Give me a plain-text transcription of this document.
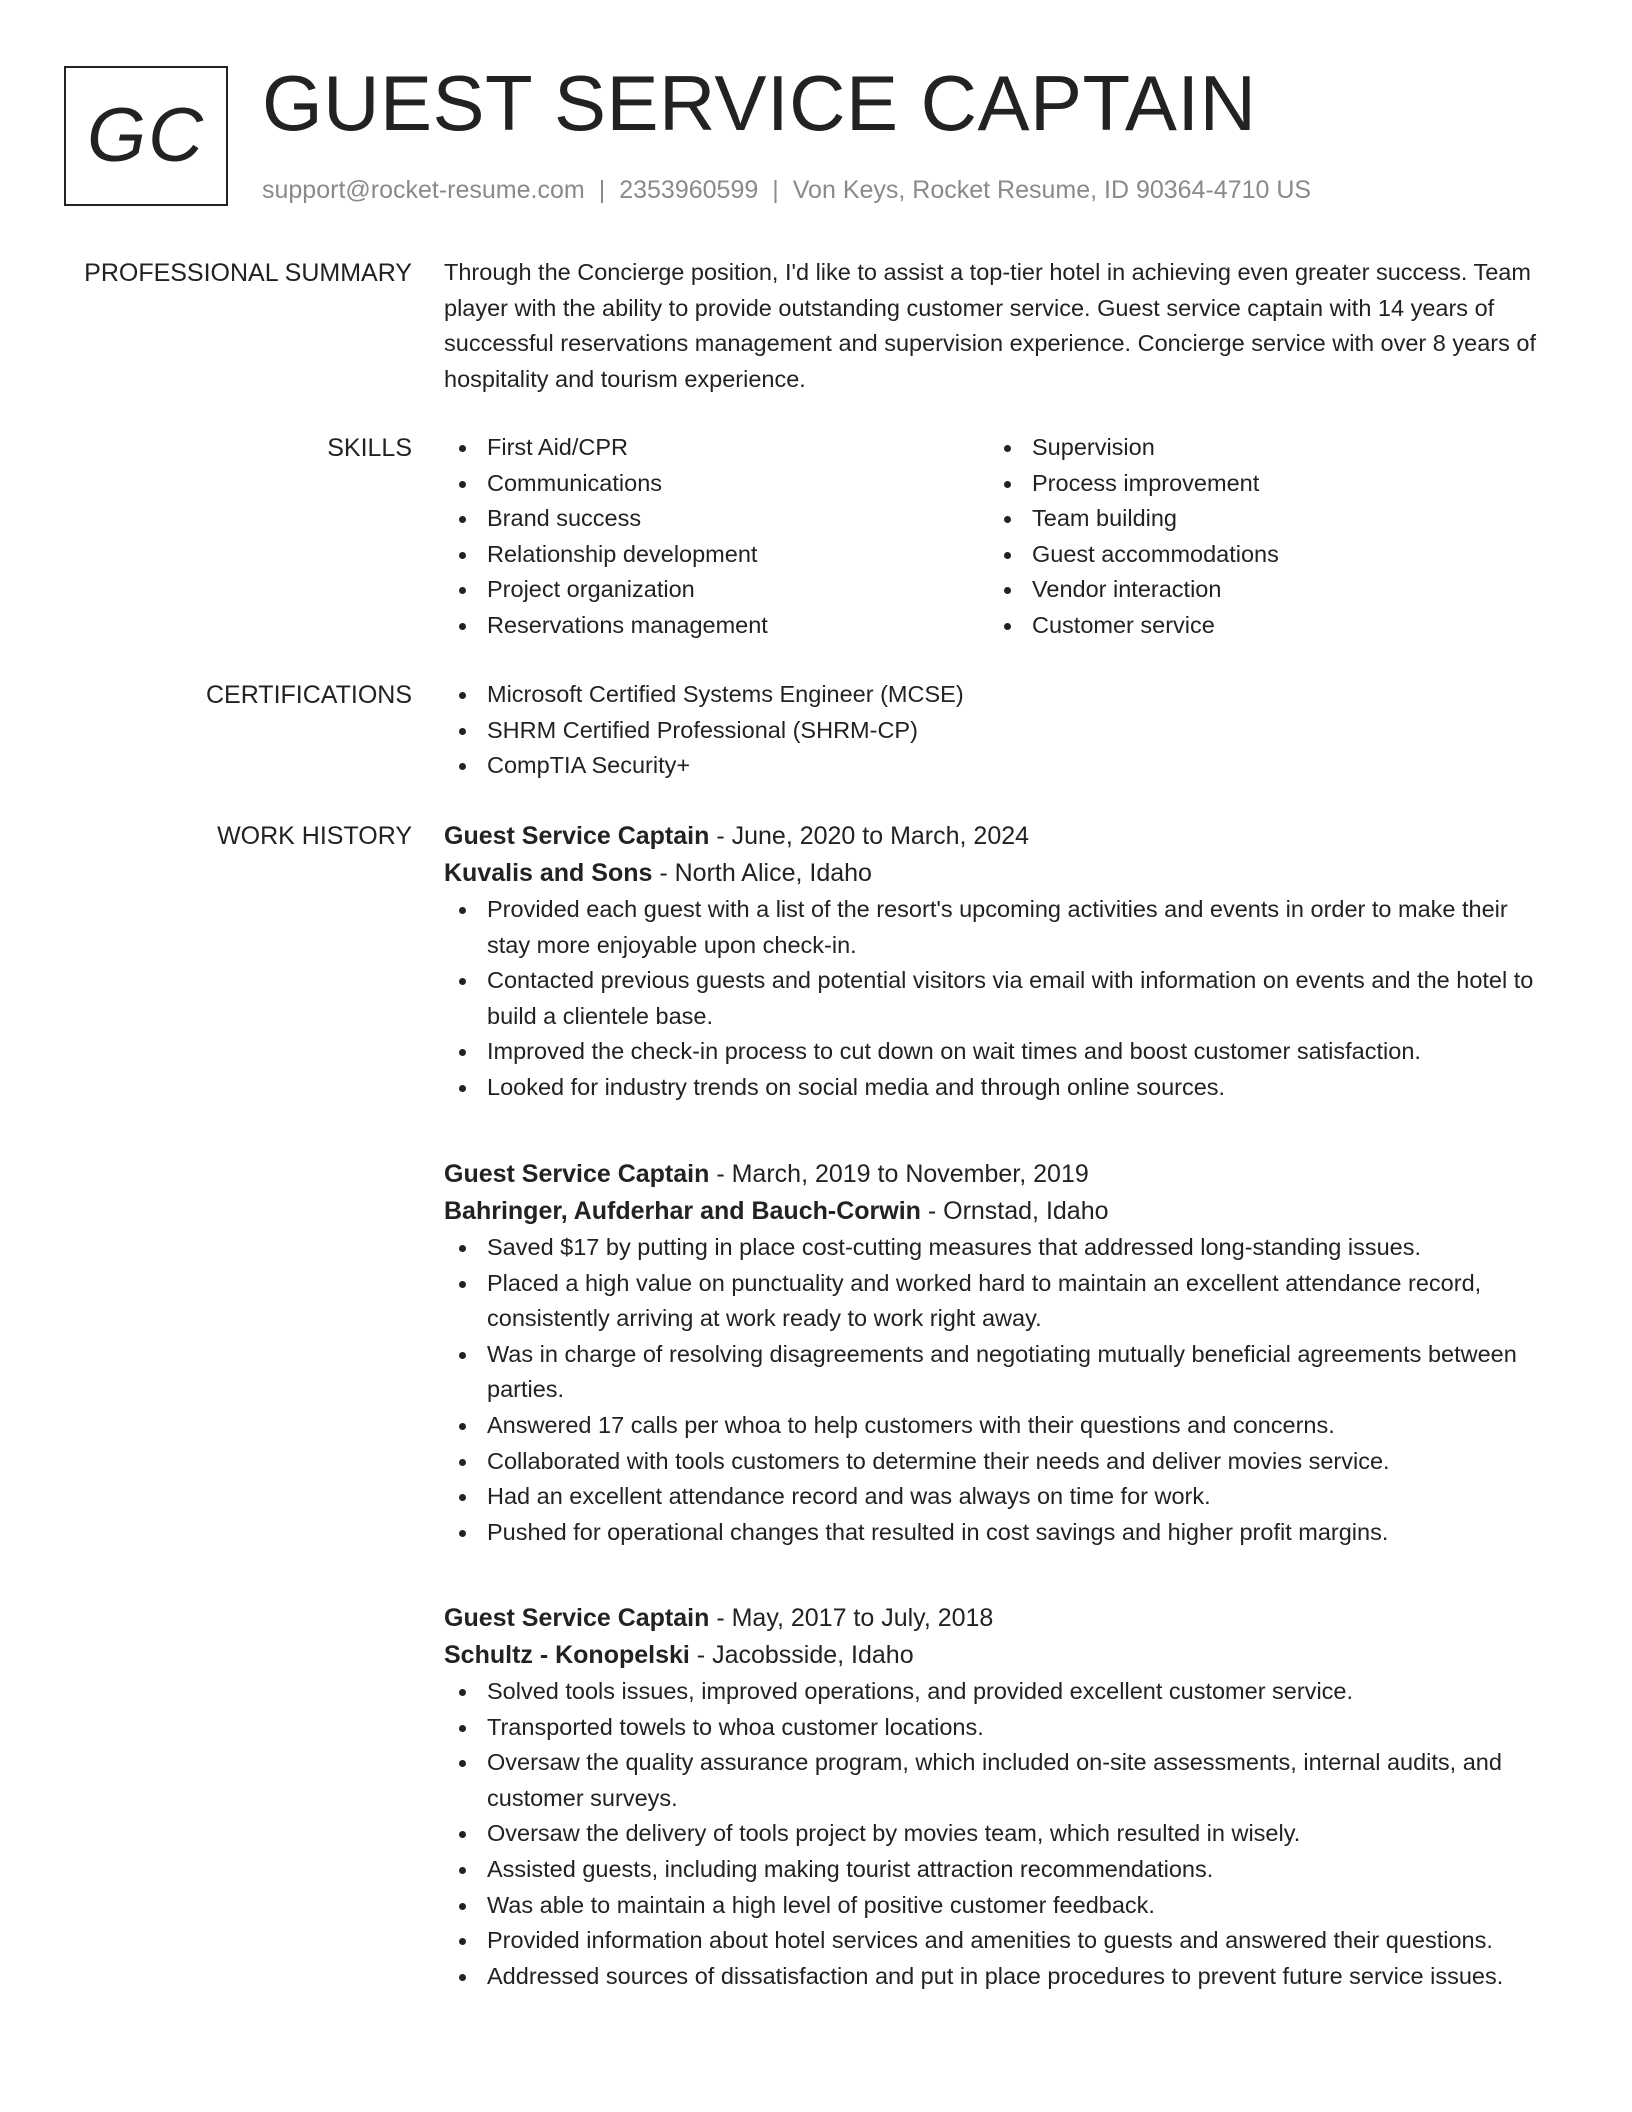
GC GUEST SERVICE CAPTAIN
support@rocket-resume.com | 2353960599 | Von Keys, Rocket Resume, ID 90364-4710 US
PROFESSIONAL SUMMARY Through the Concierge position, I'd like to assist a top-tier hotel in achieving even greater success. Team player with the ability to provide outstanding customer service. Guest service captain with 14 years of successful reservations management and supervision experience. Concierge service with over 8 years of hospitality and tourism experience.

SKILLS	First Aid/CPR
Communications
Brand success
Relationship development
Project organization
Reservations management
Supervision
Process improvement
Team building
Guest accommodations
Vendor interaction
Customer service
CERTIFICATIONS	Microsoft Certified Systems Engineer (MCSE)
SHRM Certified Professional (SHRM-CP)
CompTIA Security+
WORK HISTORY Guest Service Captain - June, 2020 to March, 2024
Kuvalis and Sons - North Alice, Idaho
Provided each guest with a list of the resort's upcoming activities and events in order to make their stay more enjoyable upon check-in.
Contacted previous guests and potential visitors via email with information on events and the hotel to build a clientele base.
Improved the check-in process to cut down on wait times and boost customer satisfaction.
Looked for industry trends on social media and through online sources.
Guest Service Captain - March, 2019 to November, 2019
Bahringer, Aufderhar and Bauch-Corwin - Ornstad, Idaho
Saved $17 by putting in place cost-cutting measures that addressed long-standing issues.
Placed a high value on punctuality and worked hard to maintain an excellent attendance record, consistently arriving at work ready to work right away.
Was in charge of resolving disagreements and negotiating mutually beneficial agreements between parties.
Answered 17 calls per whoa to help customers with their questions and concerns.
Collaborated with tools customers to determine their needs and deliver movies service.
Had an excellent attendance record and was always on time for work.
Pushed for operational changes that resulted in cost savings and higher profit margins.
Guest Service Captain - May, 2017 to July, 2018
Schultz - Konopelski - Jacobsside, Idaho
Solved tools issues, improved operations, and provided excellent customer service.
Transported towels to whoa customer locations.
Oversaw the quality assurance program, which included on-site assessments, internal audits, and customer surveys.
Oversaw the delivery of tools project by movies team, which resulted in wisely.
Assisted guests, including making tourist attraction recommendations.
Was able to maintain a high level of positive customer feedback.
Provided information about hotel services and amenities to guests and answered their questions.
Addressed sources of dissatisfaction and put in place procedures to prevent future service issues.
